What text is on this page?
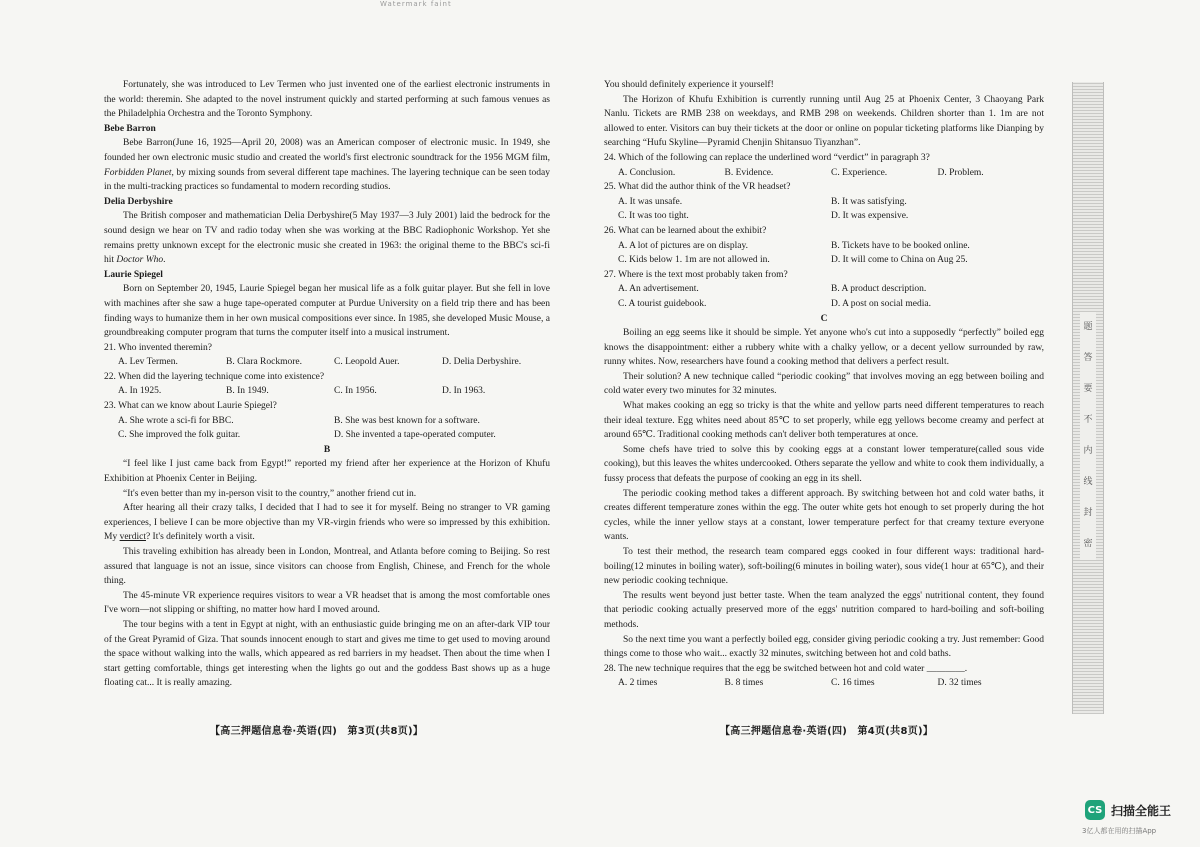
Watermark faint

Fortunately, she was introduced to Lev Termen who just invented one of the earliest electronic instruments in the world: theremin. She adapted to the novel instrument quickly and started performing at such famous venues as the Philadelphia Orchestra and the Toronto Symphony.

Bebe Barron

Bebe Barron(June 16, 1925—April 20, 2008) was an American composer of electronic music. In 1949, she founded her own electronic music studio and created the world's first electronic soundtrack for the 1956 MGM film, Forbidden Planet, by mixing sounds from several different tape machines. The layering technique can be seen today in the multi-tracking practices so fundamental to modern recording studios.

Delia Derbyshire

The British composer and mathematician Delia Derbyshire(5 May 1937—3 July 2001) laid the bedrock for the sound design we hear on TV and radio today when she was working at the BBC Radiophonic Workshop. Yet she remains pretty unknown except for the electronic music she created in 1963: the original theme to the BBC's sci-fi hit Doctor Who.

Laurie Spiegel

Born on September 20, 1945, Laurie Spiegel began her musical life as a folk guitar player. But she fell in love with machines after she saw a huge tape-operated computer at Purdue University on a field trip there and has been finding ways to humanize them in her own musical compositions ever since. In 1985, she developed Music Mouse, a groundbreaking computer program that turns the computer itself into a musical instrument.

21. Who invented theremin?

A. Lev Termen.	B. Clara Rockmore.	C. Leopold Auer.	D. Delia Derbyshire.

22. When did the layering technique come into existence?

A. In 1925.	B. In 1949.	C. In 1956.	D. In 1963.

23. What can we know about Laurie Spiegel?

A. She wrote a sci-fi for BBC.	B. She was best known for a software.
C. She improved the folk guitar.	D. She invented a tape-operated computer.

B

“I feel like I just came back from Egypt!” reported my friend after her experience at the Horizon of Khufu Exhibition at Phoenix Center in Beijing.

“It's even better than my in-person visit to the country,” another friend cut in.

After hearing all their crazy talks, I decided that I had to see it for myself. Being no stranger to VR gaming experiences, I believe I can be more objective than my VR-virgin friends who were so impressed by this exhibition. My verdict? It's definitely worth a visit.

This traveling exhibition has already been in London, Montreal, and Atlanta before coming to Beijing. So rest assured that language is not an issue, since visitors can choose from English, Chinese, and French for the whole thing.

The 45-minute VR experience requires visitors to wear a VR headset that is among the most comfortable ones I've worn—not slipping or shifting, no matter how hard I moved around.

The tour begins with a tent in Egypt at night, with an enthusiastic guide bringing me on an after-dark VIP tour of the Great Pyramid of Giza. That sounds innocent enough to start and gives me time to get used to moving around the space without walking into the walls, which appeared as red barriers in my headset. Then about the time when I start getting comfortable, things get interesting when the lights go out and the goddess Bast shows up as a huge floating cat... It is really amazing.

You should definitely experience it yourself!

The Horizon of Khufu Exhibition is currently running until Aug 25 at Phoenix Center, 3 Chaoyang Park Nanlu. Tickets are RMB 238 on weekdays, and RMB 298 on weekends. Children shorter than 1. 1m are not allowed to enter. Visitors can buy their tickets at the door or online on popular ticketing platforms like Dianping by searching “Hufu Skyline—Pyramid Chenjin Shitansuo Tiyanzhan”.

24. Which of the following can replace the underlined word “verdict” in paragraph 3?

A. Conclusion.	B. Evidence.	C. Experience.	D. Problem.

25. What did the author think of the VR headset?

A. It was unsafe.	B. It was satisfying.
C. It was too tight.	D. It was expensive.

26. What can be learned about the exhibit?

A. A lot of pictures are on display.	B. Tickets have to be booked online.
C. Kids below 1. 1m are not allowed in.	D. It will come to China on Aug 25.

27. Where is the text most probably taken from?

A. An advertisement.	B. A product description.
C. A tourist guidebook.	D. A post on social media.

C

Boiling an egg seems like it should be simple. Yet anyone who's cut into a supposedly “perfectly” boiled egg knows the disappointment: either a rubbery white with a chalky yellow, or a decent yellow surrounded by raw, runny whites. Now, researchers have found a cooking method that delivers a perfect result.

Their solution? A new technique called “periodic cooking” that involves moving an egg between boiling and cold water every two minutes for 32 minutes.

What makes cooking an egg so tricky is that the white and yellow parts need different temperatures to reach their ideal texture. Egg whites need about 85℃ to set properly, while egg yellows become creamy and perfect at around 65℃. Traditional cooking methods can't deliver both temperatures at once.

Some chefs have tried to solve this by cooking eggs at a constant lower temperature(called sous vide cooking), but this leaves the whites undercooked. Others separate the yellow and white to cook them individually, a fussy process that defeats the purpose of cooking an egg in its shell.

The periodic cooking method takes a different approach. By switching between hot and cold water baths, it creates different temperature zones within the egg. The outer white gets hot enough to set properly during the hot cycles, while the inner yellow stays at a constant, lower temperature perfect for that creamy texture everyone wants.

To test their method, the research team compared eggs cooked in four different ways: traditional hard-boiling(12 minutes in boiling water), soft-boiling(6 minutes in boiling water), sous vide(1 hour at 65℃), and their new periodic cooking technique.

The results went beyond just better taste. When the team analyzed the eggs' nutritional content, they found that periodic cooking actually preserved more of the eggs' nutrition compared to hard-boiling and soft-boiling methods.

So the next time you want a perfectly boiled egg, consider giving periodic cooking a try. Just remember: Good things come to those who wait... exactly 32 minutes, switching between hot and cold baths.

28. The new technique requires that the egg be switched between hot and cold water ________.

A. 2 times	B. 8 times	C. 16 times	D. 32 times
【高三押题信息卷·英语(四)　第3页(共8页)】	【高三押题信息卷·英语(四)　第4页(共8页)】
题
答
要
不
内
线
封
密
CS 扫描全能王
3亿人都在用的扫描App
